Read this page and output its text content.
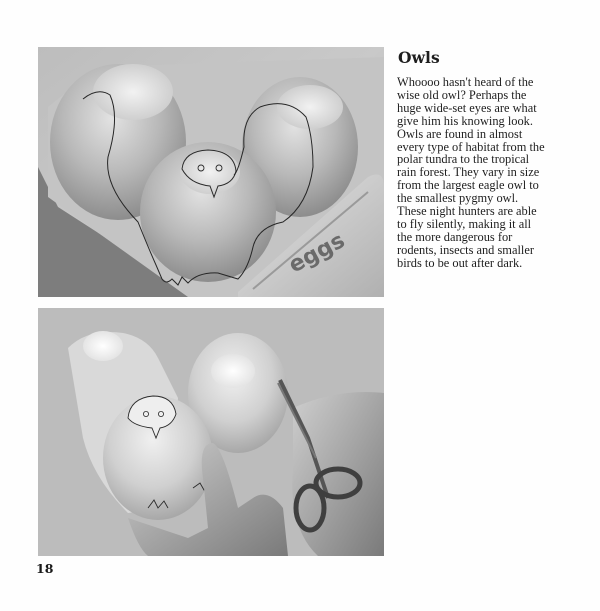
eggs
Owls

Whoooo hasn't heard of the
wise old owl? Perhaps the
huge wide-set eyes are what
give him his knowing look.
Owls are found in almost
every type of habitat from the
polar tundra to the tropical
rain forest. They vary in size
from the largest eagle owl to
the smallest pygmy owl.
These night hunters are able
to fly silently, making it all
the more dangerous for
rodents, insects and smaller
birds to be out after dark.

18
